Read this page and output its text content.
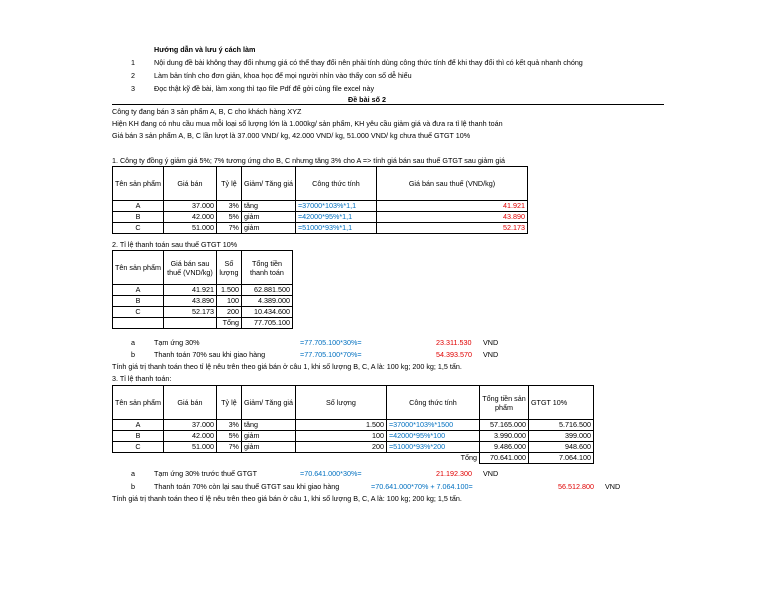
Hướng dẫn và lưu ý cách làm
1	Nội dung đề bài không thay đổi nhưng giá có thể thay đổi nên phải tính dùng công thức tính để khi thay đổi thì có kết quả nhanh chóng
2	Làm bản tính cho đơn giản, khoa học để mọi người nhìn vào thấy con số dễ hiểu
3	Đọc thật kỹ đề bài, làm xong thì tạo file Pdf để gởi cùng file excel này
Đề bài số 2
Công ty đang bán 3 sản phẩm A, B, C cho khách hàng XYZ
Hiện KH đang có nhu cầu mua mỗi loại số lượng lớn là 1.000kg/ sản phẩm, KH yêu cầu giảm giá và đưa ra tỉ lệ thanh toán
Giá bán 3 sản phẩm A, B, C lần lượt là 37.000 VND/ kg, 42.000 VND/ kg, 51.000 VND/ kg chưa thuế GTGT 10%
1. Công ty đồng ý giảm giá 5%; 7% tương ứng cho B, C nhưng tăng 3% cho A => tính giá bán sau thuế GTGT sau giảm giá
Tên sản phẩm	Giá bán	Tỷ lệ	Giảm/ Tăng giá	Công thức tính	Giá bán sau thuế (VND/kg)
A	37.000	3%	tăng	=37000*103%*1,1	41.921
B	42.000	5%	giảm	=42000*95%*1,1	43.890
C	51.000	7%	giảm	=51000*93%*1,1	52.173
2. Tỉ lệ thanh toán sau thuế GTGT 10%
Tên sản phẩm	Giá bán sau thuế (VND/kg)	Số lượng	Tổng tiền thanh toán
A	41.921	1.500	62.881.500
B	43.890	100	4.389.000
C	52.173	200	10.434.600
		Tổng	77.705.100
a	Tạm ứng 30%	=77.705.100*30%=	23.311.530 VND
b	Thanh toán 70% sau khi giao hàng	=77.705.100*70%=	54.393.570 VND
Tính giá trị thanh toán theo tỉ lệ nêu trên theo giá bán ở câu 1, khi số lượng B, C, A là: 100 kg; 200 kg; 1,5 tấn.
3. Tỉ lệ thanh toán:
Tên sản phẩm	Giá bán	Tỷ lệ	Giảm/ Tăng giá	Số lượng	Công thức tính	Tổng tiền sản phẩm	GTGT 10%
A	37.000	3%	tăng	1.500	=37000*103%*1500	57.165.000	5.716.500
B	42.000	5%	giảm	100	=42000*95%*100	3.990.000	399.000
C	51.000	7%	giảm	200	=51000*93%*200	9.486.000	948.600
					Tổng	70.641.000	7.064.100
a	Tạm ứng 30% trước thuế GTGT	=70.641.000*30%=	21.192.300 VND
b	Thanh toán 70% còn lại sau thuế GTGT sau khi giao hàng	=70.641.000*70% + 7.064.100=	56.512.800 VND
Tính giá trị thanh toán theo tỉ lệ nêu trên theo giá bán ở câu 1, khi số lượng B, C, A là: 100 kg; 200 kg; 1,5 tấn.
